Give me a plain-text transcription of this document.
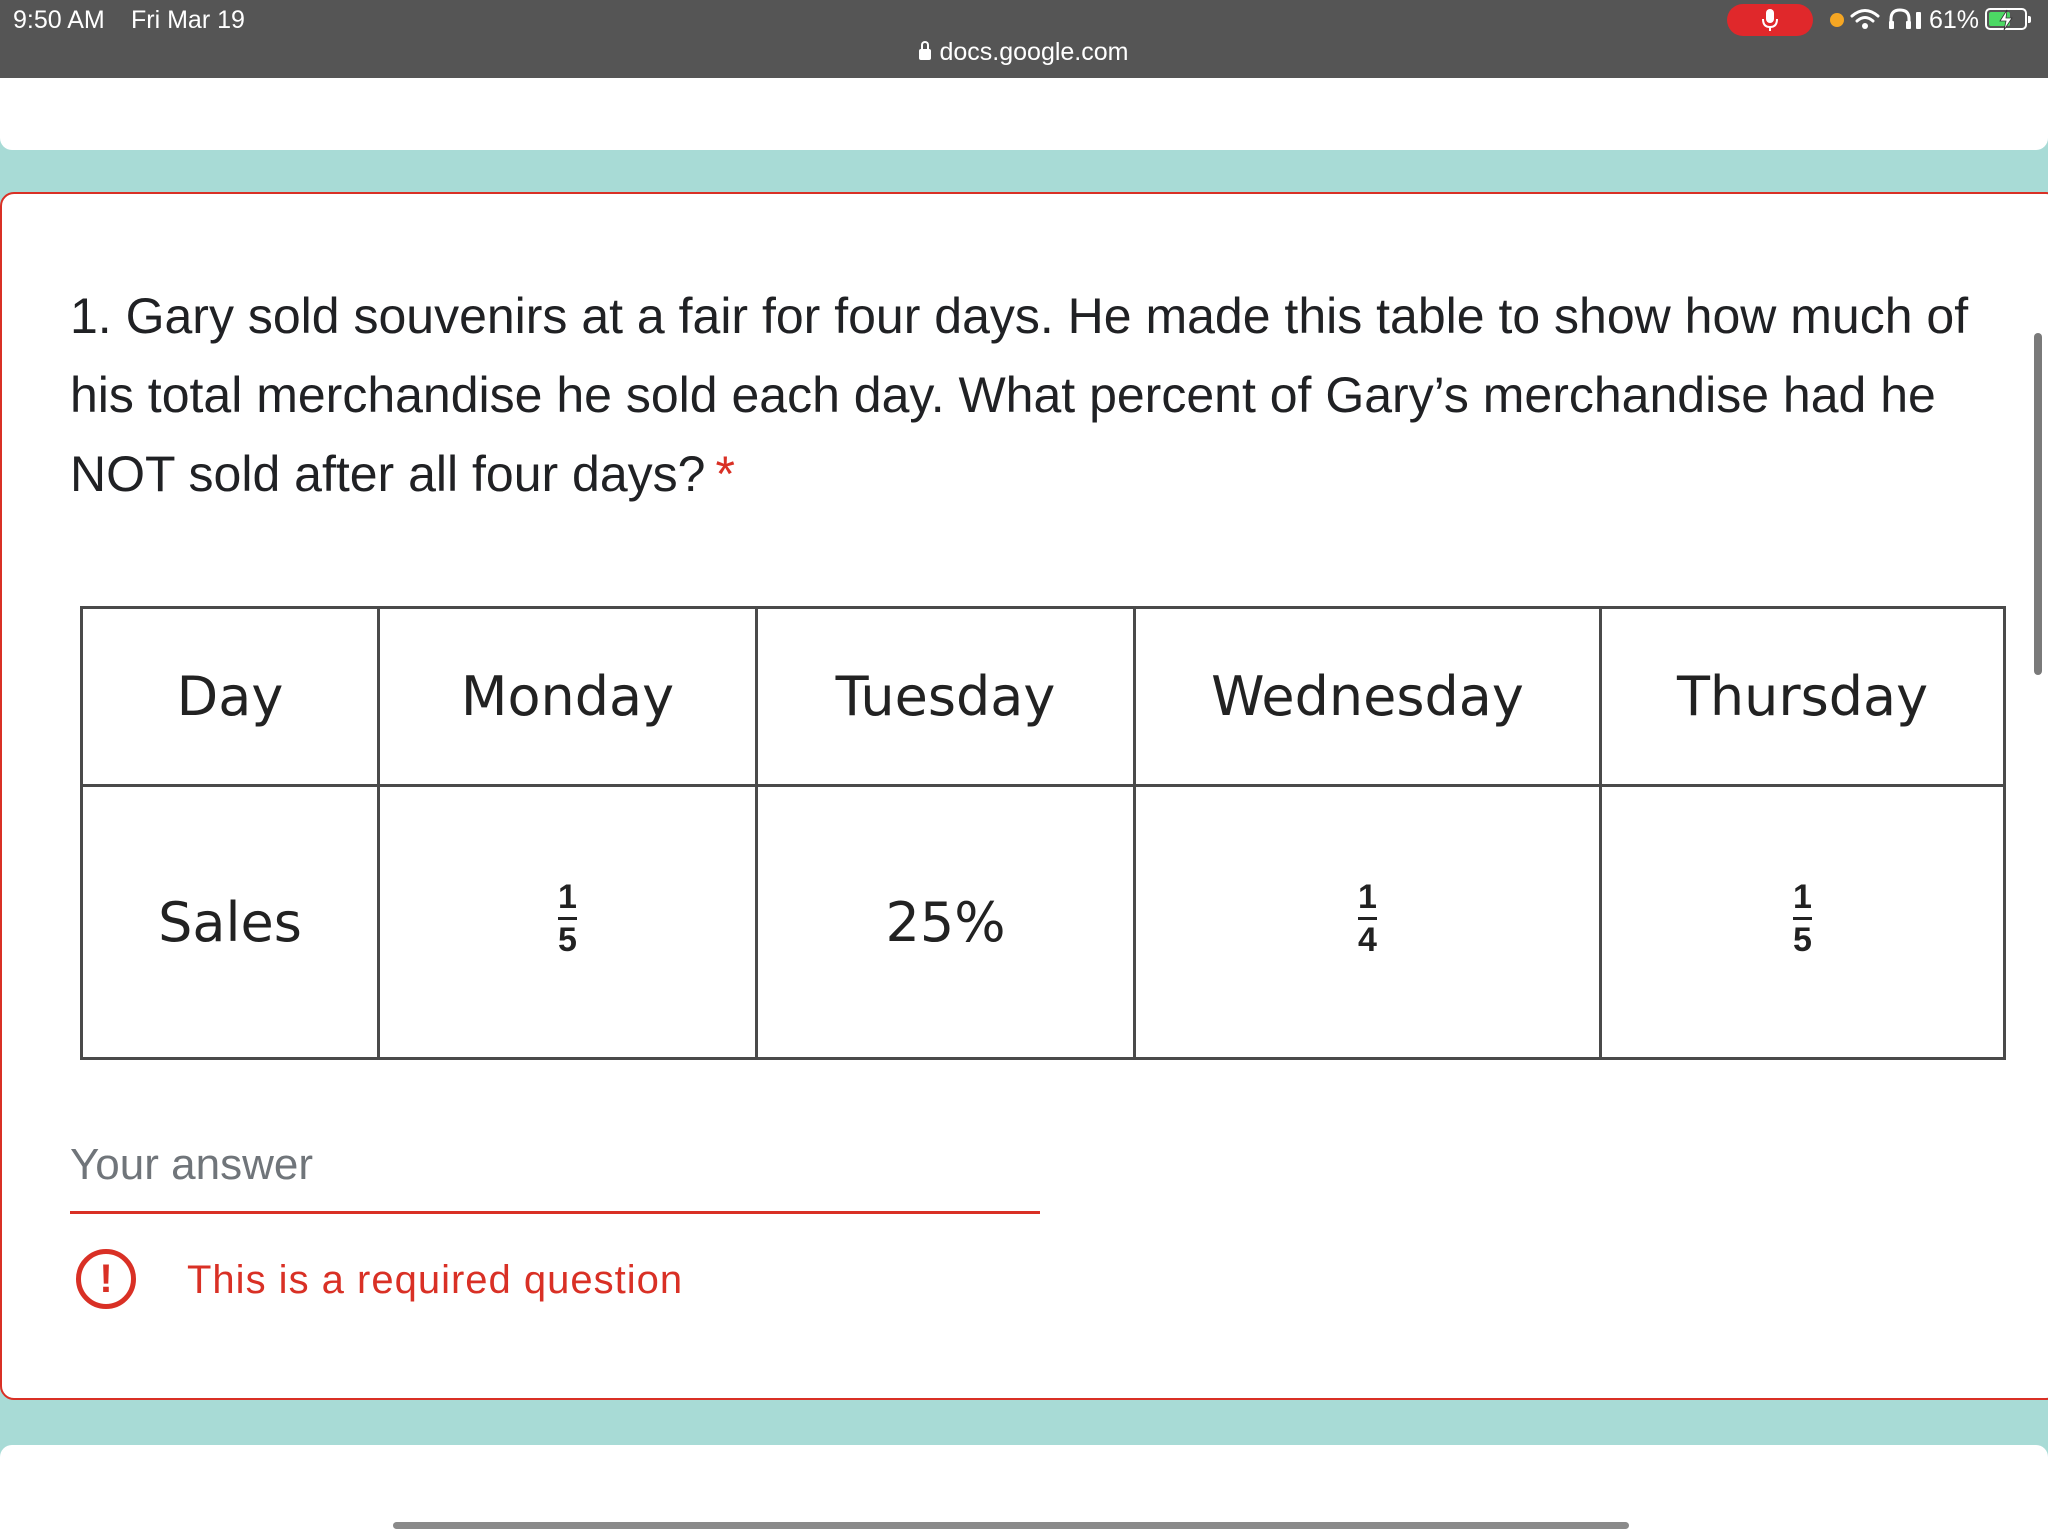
9:50 AM Fri Mar 19
docs.google.com
61%
1. Gary sold souvenirs at a fair for four days. He made this table to show how much of his total merchandise he sold each day. What percent of Gary’s merchandise had he NOT sold after all four days? *
Day	Monday	Tuesday	Wednesday	Thursday
Sales	$\frac{1}{5}$	25%	$\frac{1}{4}$	$\frac{1}{5}$
Your answer
!	This is a required question
